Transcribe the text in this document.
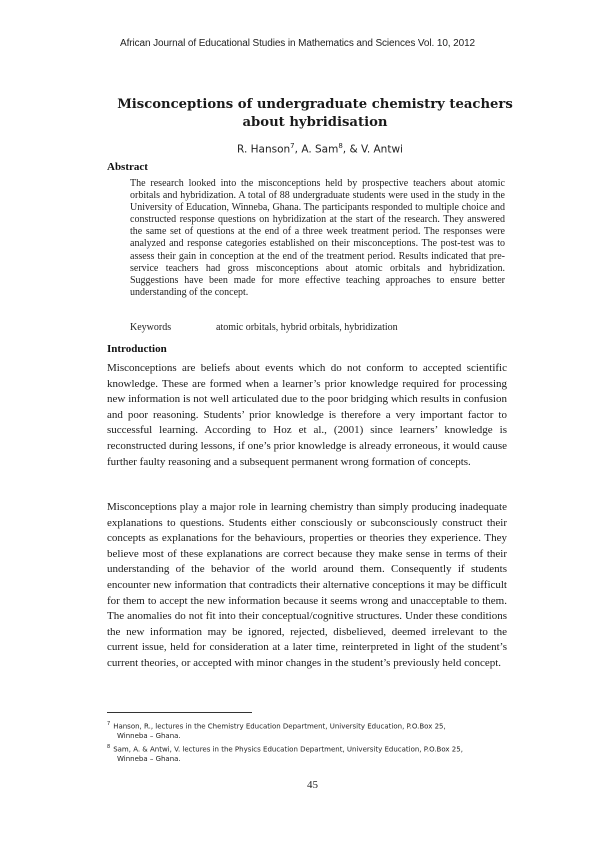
African Journal of Educational Studies in Mathematics and Sciences Vol. 10, 2012
Misconceptions of undergraduate chemistry teachers about hybridisation
R. Hanson$^7$, A. Sam$^8$, & V. Antwi
Abstract
The research looked into the misconceptions held by prospective teachers about atomic orbitals and hybridization. A total of 88 undergraduate students were used in the study in the University of Education, Winneba, Ghana. The participants responded to multiple choice and constructed response questions on hybridization at the start of the research. They answered the same set of questions at the end of a three week treatment period. The responses were analyzed and response categories established on their misconceptions. The post-test was to assess their gain in conception at the end of the treatment period. Results indicated that pre-service teachers had gross misconceptions about atomic orbitals and hybridization. Suggestions have been made for more effective teaching approaches to ensure better understanding of the concept.
Keywords	atomic orbitals, hybrid orbitals, hybridization
Introduction
Misconceptions are beliefs about events which do not conform to accepted scientific knowledge. These are formed when a learner’s prior knowledge required for processing new information is not well articulated due to the poor bridging which results in confusion and poor reasoning. Students’ prior knowledge is therefore a very important factor to successful learning. According to Hoz et al., (2001) since learners’ knowledge is reconstructed during lessons, if one’s prior knowledge is already erroneous, it would cause further faulty reasoning and a subsequent permanent wrong formation of concepts.
Misconceptions play a major role in learning chemistry than simply producing inadequate explanations to questions. Students either consciously or subconsciously construct their concepts as explanations for the behaviours, properties or theories they experience. They believe most of these explanations are correct because they make sense in terms of their understanding of the behavior of the world around them. Consequently if students encounter new information that contradicts their alternative conceptions it may be difficult for them to accept the new information because it seems wrong and unacceptable to them. The anomalies do not fit into their conceptual/cognitive structures. Under these conditions the new information may be ignored, rejected, disbelieved, deemed irrelevant to the current issue, held for consideration at a later time, reinterpreted in light of the student’s current theories, or accepted with minor changes in the student’s previously held concept.
$^7$ Hanson, R., lectures in the Chemistry Education Department, University Education, P.O.Box 25,
Winneba – Ghana.
$^8$ Sam, A. & Antwi, V. lectures in the Physics Education Department, University Education, P.O.Box 25,
Winneba – Ghana.
45
